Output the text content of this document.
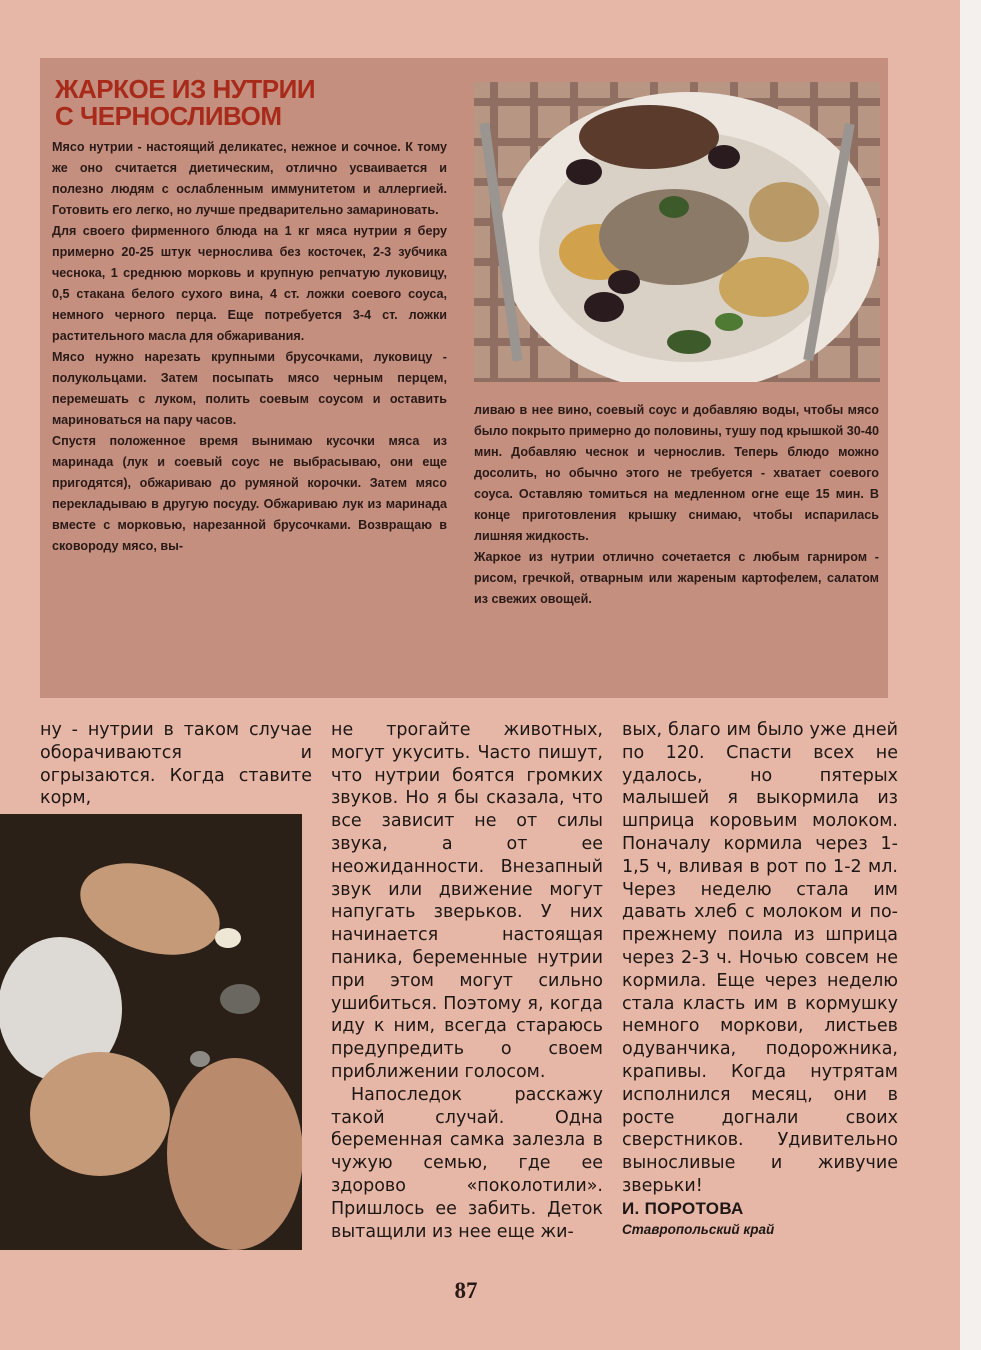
ЖАРКОЕ ИЗ НУТРИИ
С ЧЕРНОСЛИВОМ

Мясо нутрии - настоящий деликатес, нежное и сочное. К тому же оно считается диетическим, отлично усваивается и полезно людям с ослабленным иммунитетом и аллергией. Готовить его легко, но лучше предварительно замариновать.

Для своего фирменного блюда на 1 кг мяса нутрии я беру примерно 20-25 штук чернослива без косточек, 2-3 зубчика чеснока, 1 среднюю морковь и крупную репчатую луковицу, 0,5 стакана белого сухого вина, 4 ст. ложки соевого соуса, немного черного перца. Еще потребуется 3-4 ст. ложки растительного масла для обжаривания.

Мясо нужно нарезать крупными брусочками, луковицу - полукольцами. Затем посыпать мясо черным перцем, перемешать с луком, полить соевым соусом и оставить мариноваться на пару часов.

Спустя положенное время вынимаю кусочки мяса из маринада (лук и соевый соус не выбрасываю, они еще пригодятся), обжариваю до румяной корочки. Затем мясо перекладываю в другую посуду. Обжариваю лук из маринада вместе с морковью, нарезанной брусочками. Возвращаю в сковороду мясо, вы-

ливаю в нее вино, соевый соус и добавляю воды, чтобы мясо было покрыто примерно до половины, тушу под крышкой 30-40 мин. Добавляю чеснок и чернослив. Теперь блюдо можно досолить, но обычно этого не требуется - хватает соевого соуса. Оставляю томиться на медленном огне еще 15 мин. В конце приготовления крышку снимаю, чтобы испарилась лишняя жидкость.

Жаркое из нутрии отлично сочетается с любым гарниром - рисом, гречкой, отварным или жареным картофелем, салатом из свежих овощей.

ну - нутрии в таком случае оборачиваются и огрызаются. Когда ставите корм,

не трогайте животных, могут укусить. Часто пишут, что нутрии боятся громких звуков. Но я бы сказала, что все зависит не от силы звука, а от ее неожиданности. Внезапный звук или движение могут напугать зверьков. У них начинается настоящая паника, беременные нутрии при этом могут сильно ушибиться. Поэтому я, когда иду к ним, всегда стараюсь предупредить о своем приближении голосом.

Напоследок расскажу такой случай. Одна беременная самка залезла в чужую семью, где ее здорово «поколотили». Пришлось ее забить. Деток вытащили из нее еще жи-

вых, благо им было уже дней по 120. Спасти всех не удалось, но пятерых малышей я выкормила из шприца коровьим молоком. Поначалу кормила через 1-1,5 ч, вливая в рот по 1-2 мл. Через неделю стала им давать хлеб с молоком и по-прежнему поила из шприца через 2-3 ч. Ночью совсем не кормила. Еще через неделю стала класть им в кормушку немного моркови, листьев одуванчика, подорожника, крапивы. Когда нутрятам исполнился месяц, они в росте догнали своих сверстников. Удивительно выносливые и живучие зверьки!

И. ПОРОТОВА
Ставропольский край
87
